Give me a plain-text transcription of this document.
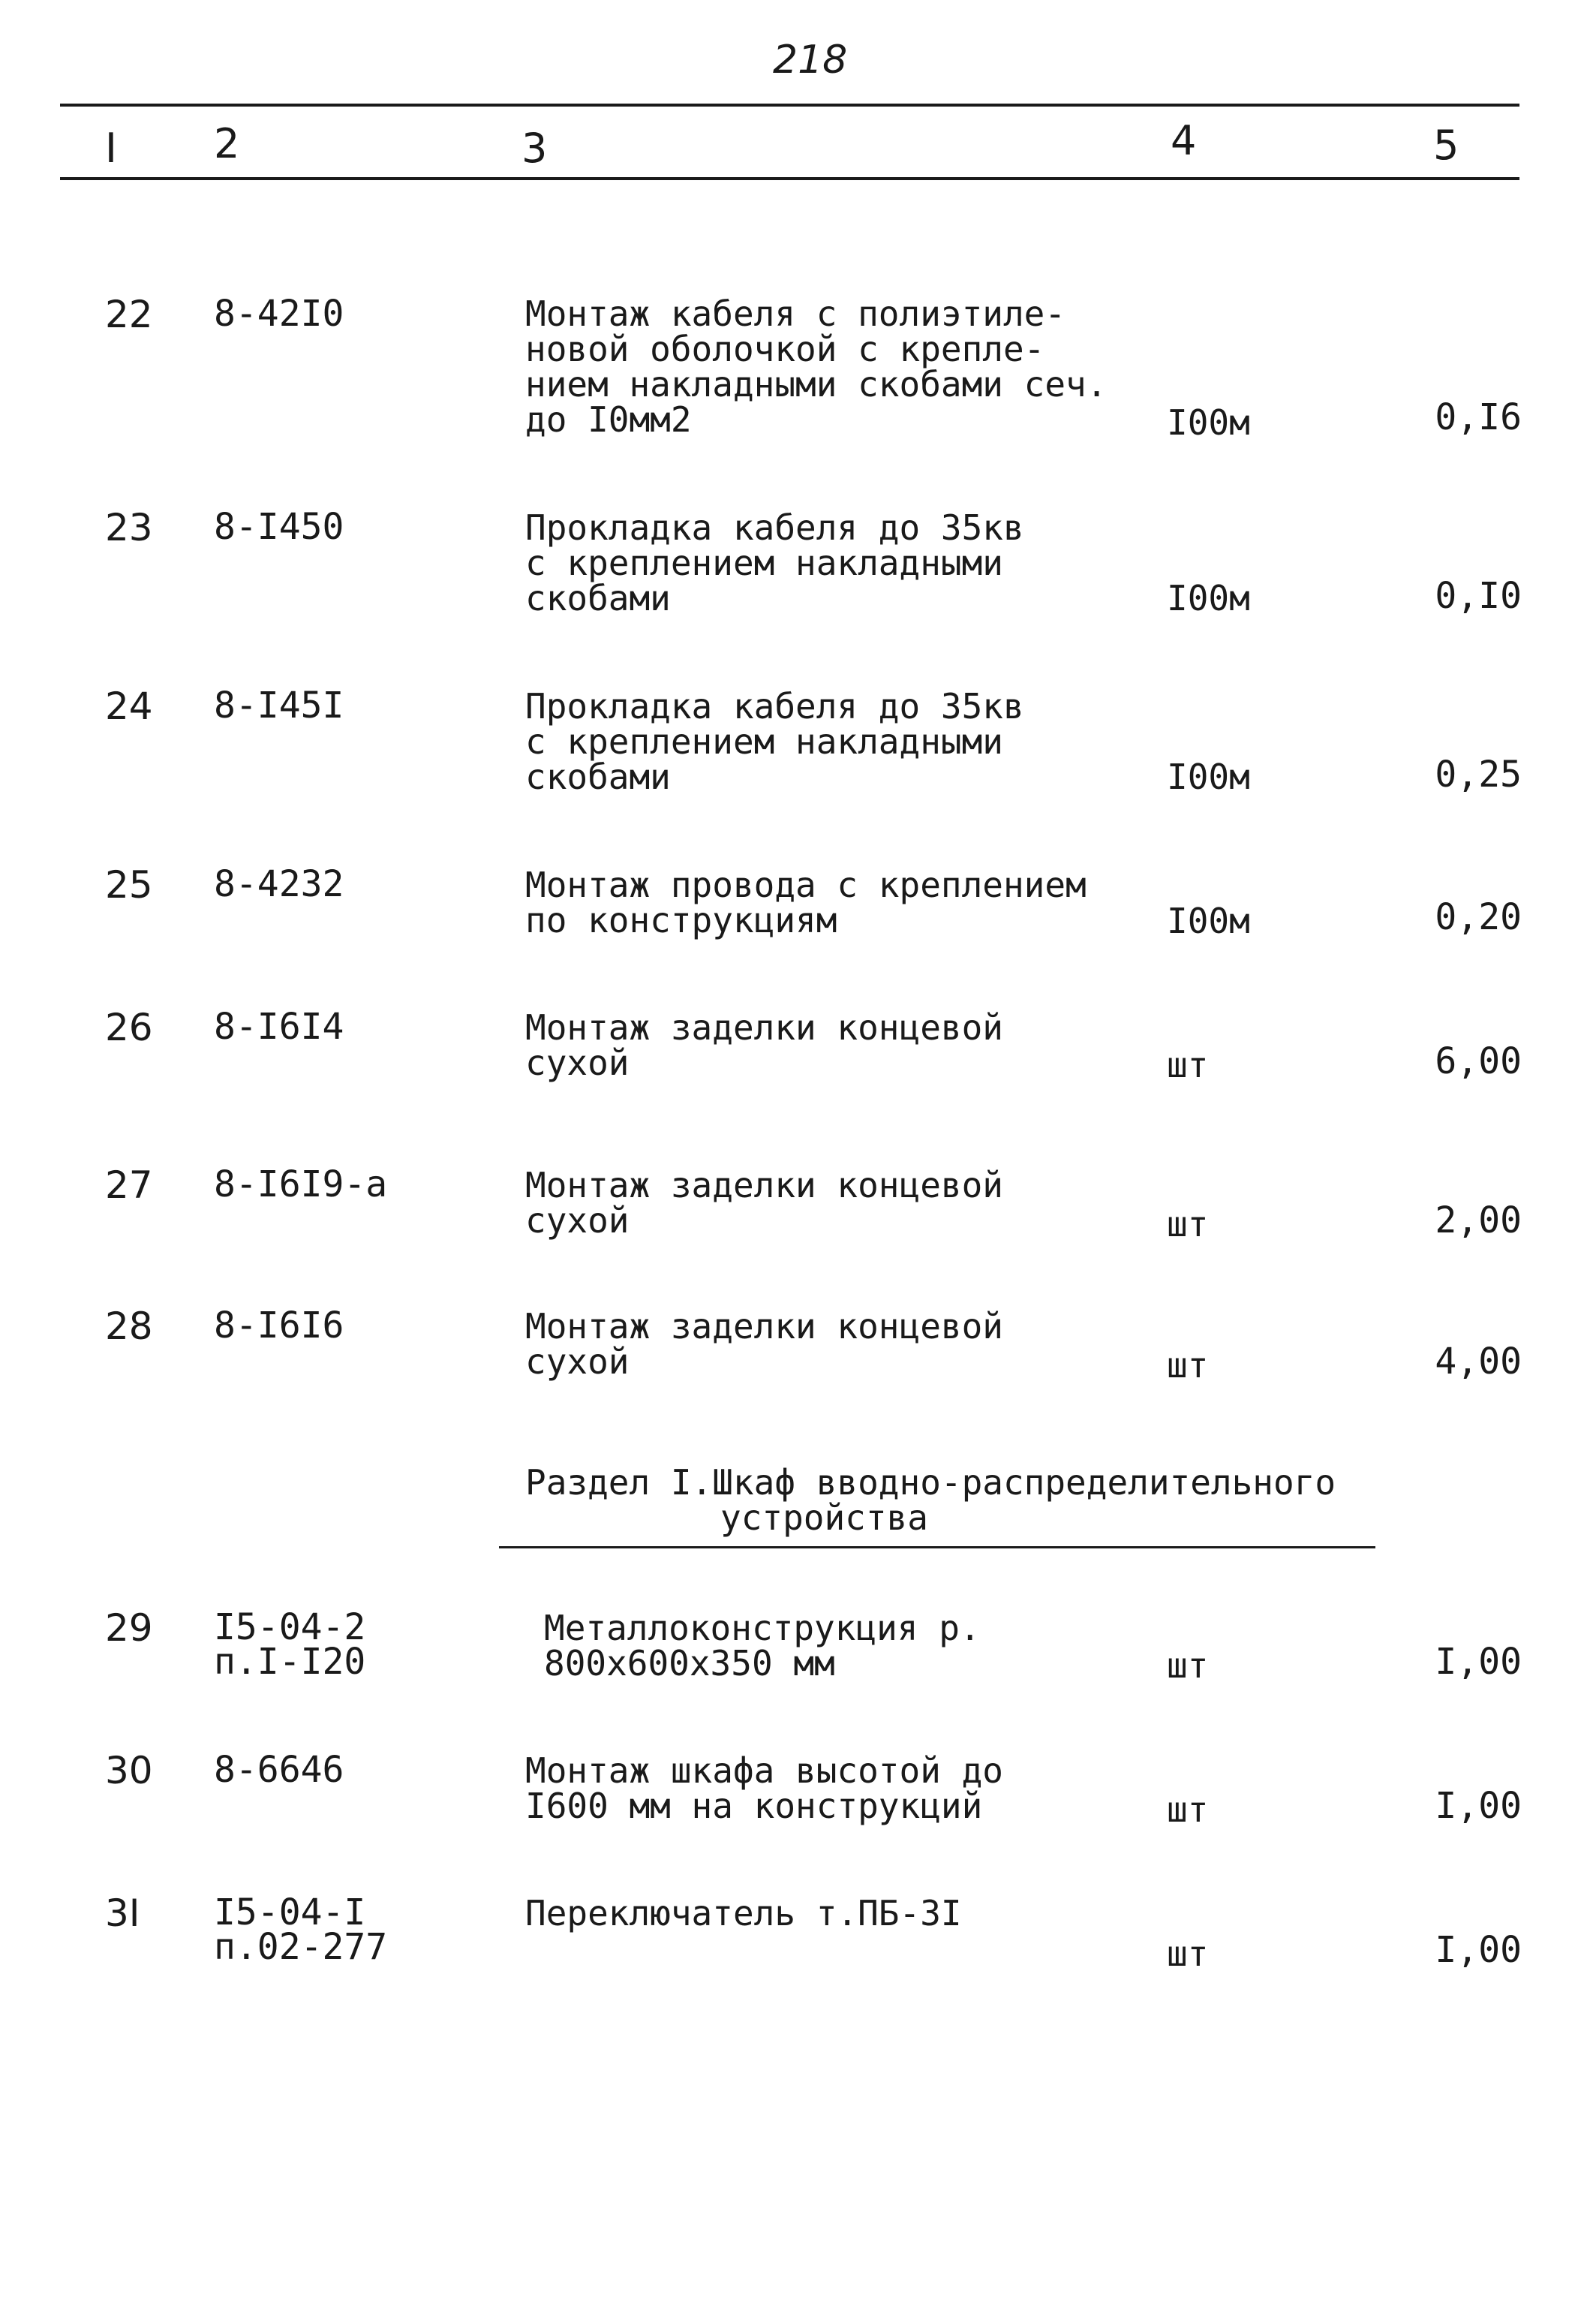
218
I 2	3	4	5
22 8-42I0	Монтаж кабеля с полиэтиле-
новой оболочкой с крепле-
нием накладными скобами сеч.
до I0мм2	I00м	0,I6
23 8-I450	Прокладка кабеля до 35кв
с креплением накладными
скобами	I00м	0,I0
24 8-I45I	Прокладка кабеля до 35кв
с креплением накладными
скобами	I00м	0,25
25 8-4232	Монтаж провода с креплением
по конструкциям	I00м	0,20
26 8-I6I4	Монтаж заделки концевой
сухой	шт	6,00
27 8-I6I9-а	Монтаж заделки концевой
сухой	шт	2,00
28 8-I6I6	Монтаж заделки концевой
сухой	шт	4,00
Раздел I.Шкаф вводно-распределительного
устройства
29 I5-04-2
п.I-I20
Металлоконструкция р.
800х600х350 мм	шт	I,00
30 8-6646	Монтаж шкафа высотой до
I600 мм на конструкций	шт	I,00
3I I5-04-I
п.02-277
Переключатель т.ПБ-3I
шт	I,00
